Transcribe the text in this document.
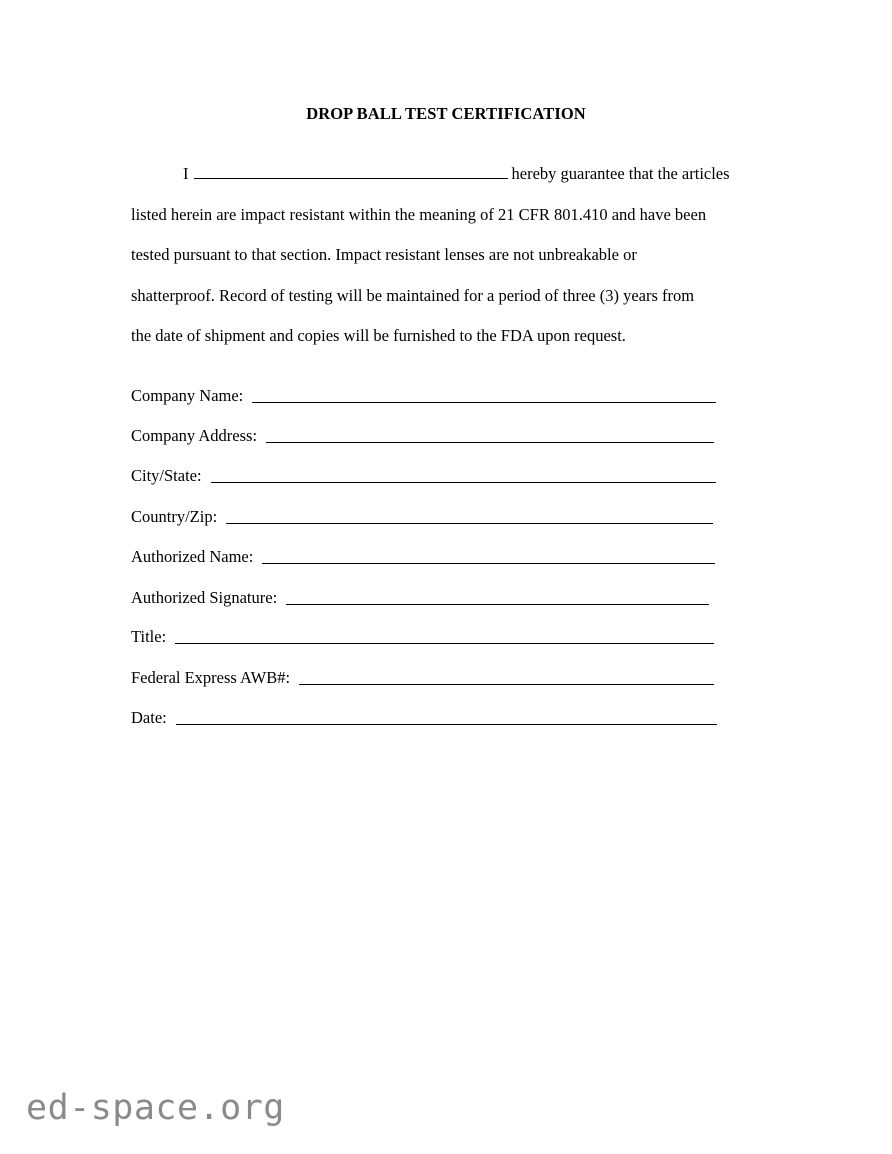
DROP BALL TEST CERTIFICATION
I	hereby guarantee that the articles
listed herein are impact resistant within the meaning of 21 CFR 801.410 and have been
tested pursuant to that section. Impact resistant lenses are not unbreakable or
shatterproof. Record of testing will be maintained for a period of three (3) years from
the date of shipment and copies will be furnished to the FDA upon request.
Company Name:
Company Address:
City/State:
Country/Zip:
Authorized Name:
Authorized Signature:
Title:
Federal Express AWB#:
Date:
ed-space.org
